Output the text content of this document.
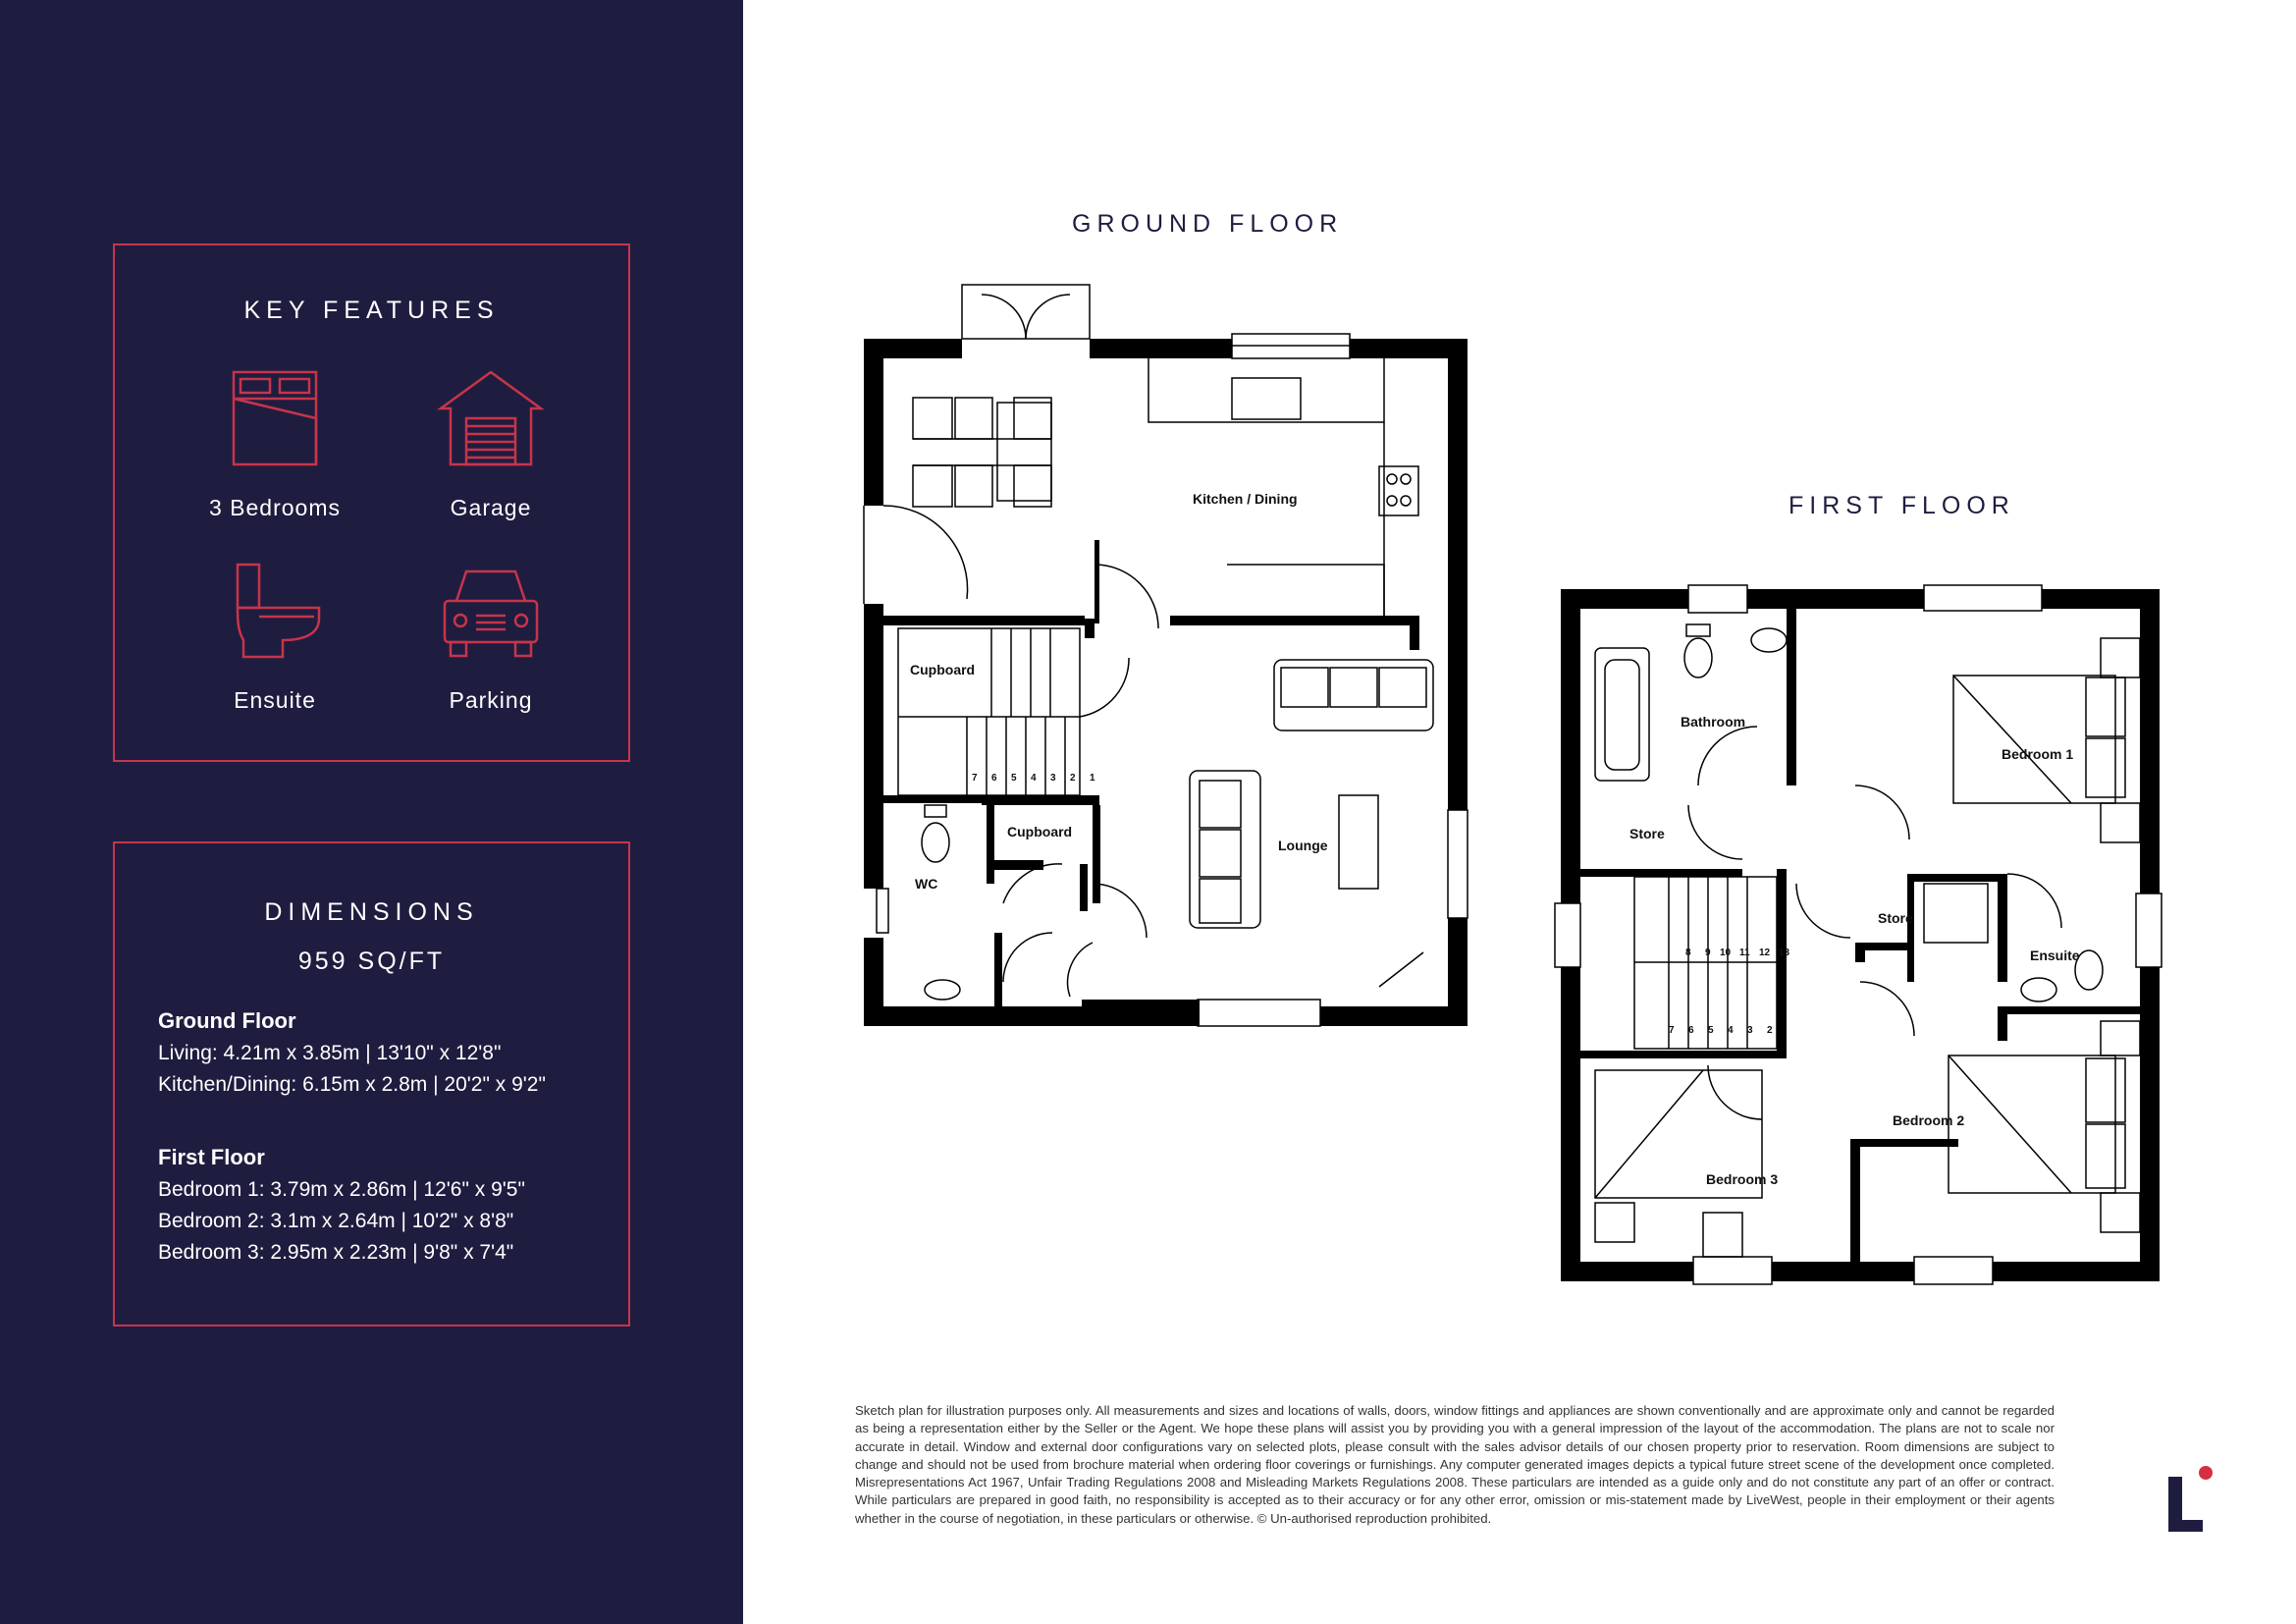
KEY FEATURES
3 Bedrooms	Garage
Ensuite	Parking
DIMENSIONS
959 SQ/FT
Ground Floor
Living: 4.21m x 3.85m | 13'10" x 12'8"
Kitchen/Dining: 6.15m x 2.8m | 20'2" x 9'2"
First Floor
Bedroom 1: 3.79m x 2.86m | 12'6" x 9'5"
Bedroom 2: 3.1m x 2.64m | 10'2" x 8'8"
Bedroom 3: 2.95m x 2.23m | 9'8" x 7'4"
GROUND FLOOR
FIRST FLOOR
Kitchen / Dining
Cupboard
Lounge
Cupboard
WC
7 6 5 4 3 2 1
Bathroom
Bedroom 1
Store
Store
Ensuite
Bedroom 2
Bedroom 3
8 9 10 11 12 13
7 6 5 4 3 2
Sketch plan for illustration purposes only. All measurements and sizes and locations of walls, doors, window fittings and appliances are shown conventionally and are approximate only and cannot be regarded as being a representation either by the Seller or the Agent. We hope these plans will assist you by providing you with a general impression of the layout of the accommodation. The plans are not to scale nor accurate in detail. Window and external door configurations vary on selected plots, please consult with the sales advisor details of our chosen property prior to reservation. Room dimensions are subject to change and should not be used from brochure material when ordering floor coverings or furnishings. Any computer generated images depicts a typical future street scene of the development once completed. Misrepresentations Act 1967, Unfair Trading Regulations 2008 and Misleading Markets Regulations 2008. These particulars are intended as a guide only and do not constitute any part of an offer or contract. While particulars are prepared in good faith, no responsibility is accepted as to their accuracy or for any other error, omission or mis-statement made by LiveWest, people in their employment or their agents whether in the course of negotiation, in these particulars or otherwise. © Un-authorised reproduction prohibited.
